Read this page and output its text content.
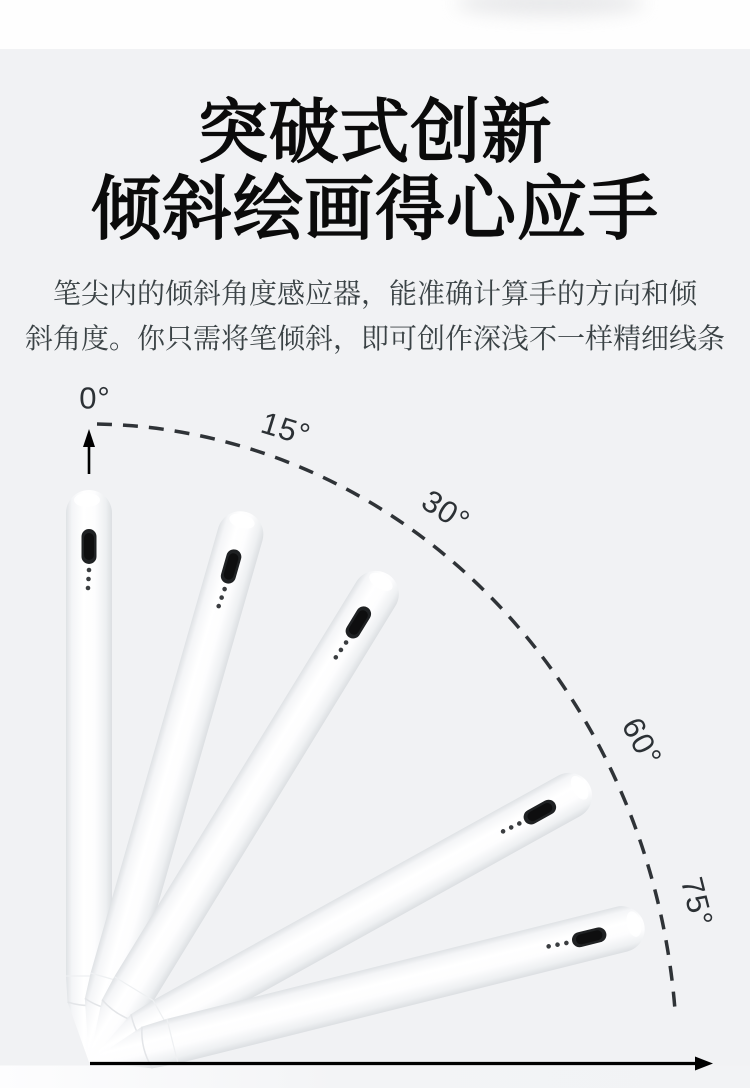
突破式创新
倾斜绘画得心应手
笔尖内的倾斜角度感应器，能准确计算手的方向和倾
斜角度。你只需将笔倾斜，即可创作深浅不一样精细线条
0°
15°
30°
60°
75°
